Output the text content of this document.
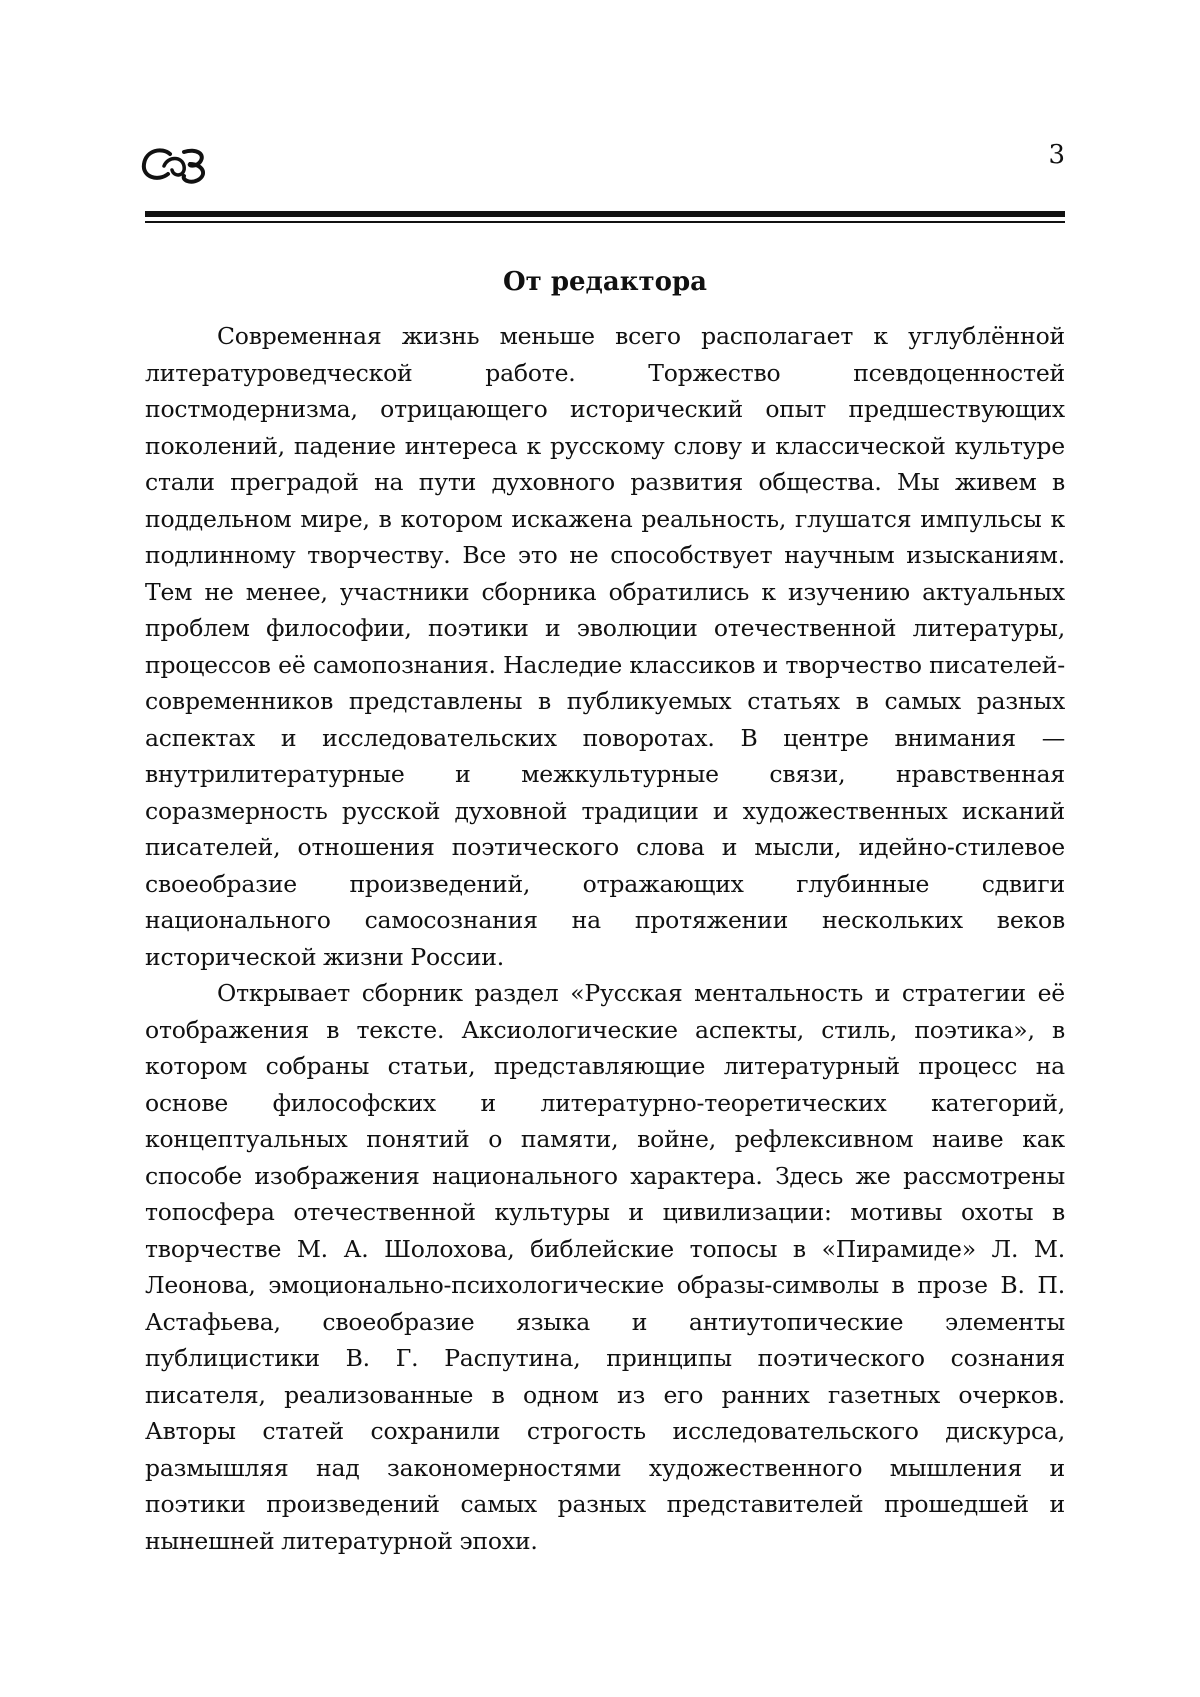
3
От редактора

Современная жизнь меньше всего располагает к углублённой литературоведческой работе. Торжество псевдоценностей постмодернизма, отрицающего исторический опыт предшествующих поколений, падение интереса к русскому слову и классической культуре стали преградой на пути духовного развития общества. Мы живем в поддельном мире, в котором искажена реальность, глушатся импульсы к подлинному творчеству. Все это не способствует научным изысканиям. Тем не менее, участники сборника обратились к изучению актуальных проблем философии, поэтики и эволюции отечественной литературы, процессов её самопознания. Наследие классиков и творчество писателей-современников представлены в публикуемых статьях в самых разных аспектах и исследовательских поворотах. В центре внимания — внутрилитературные и межкультурные связи, нравственная соразмерность русской духовной традиции и художественных исканий писателей, отношения поэтического слова и мысли, идейно-стилевое своеобразие произведений, отражающих глубинные сдвиги национального самосознания на протяжении нескольких веков исторической жизни России.

Открывает сборник раздел «Русская ментальность и стратегии её отображения в тексте. Аксиологические аспекты, стиль, поэтика», в котором собраны статьи, представляющие литературный процесс на основе философских и литературно-теоретических категорий, концептуальных понятий о памяти, войне, рефлексивном наиве как способе изображения национального характера. Здесь же рассмотрены топосфера отечественной культуры и цивилизации: мотивы охоты в творчестве М. А. Шолохова, библейские топосы в «Пирамиде» Л. М. Леонова, эмоционально-психологические образы-символы в прозе В. П. Астафьева, своеобразие языка и антиутопические элементы публицистики В. Г. Распутина, принципы поэтического сознания писателя, реализованные в одном из его ранних газетных очерков. Авторы статей сохранили строгость исследовательского дискурса, размышляя над закономерностями художественного мышления и поэтики произведений самых разных представителей прошедшей и нынешней литературной эпохи.
